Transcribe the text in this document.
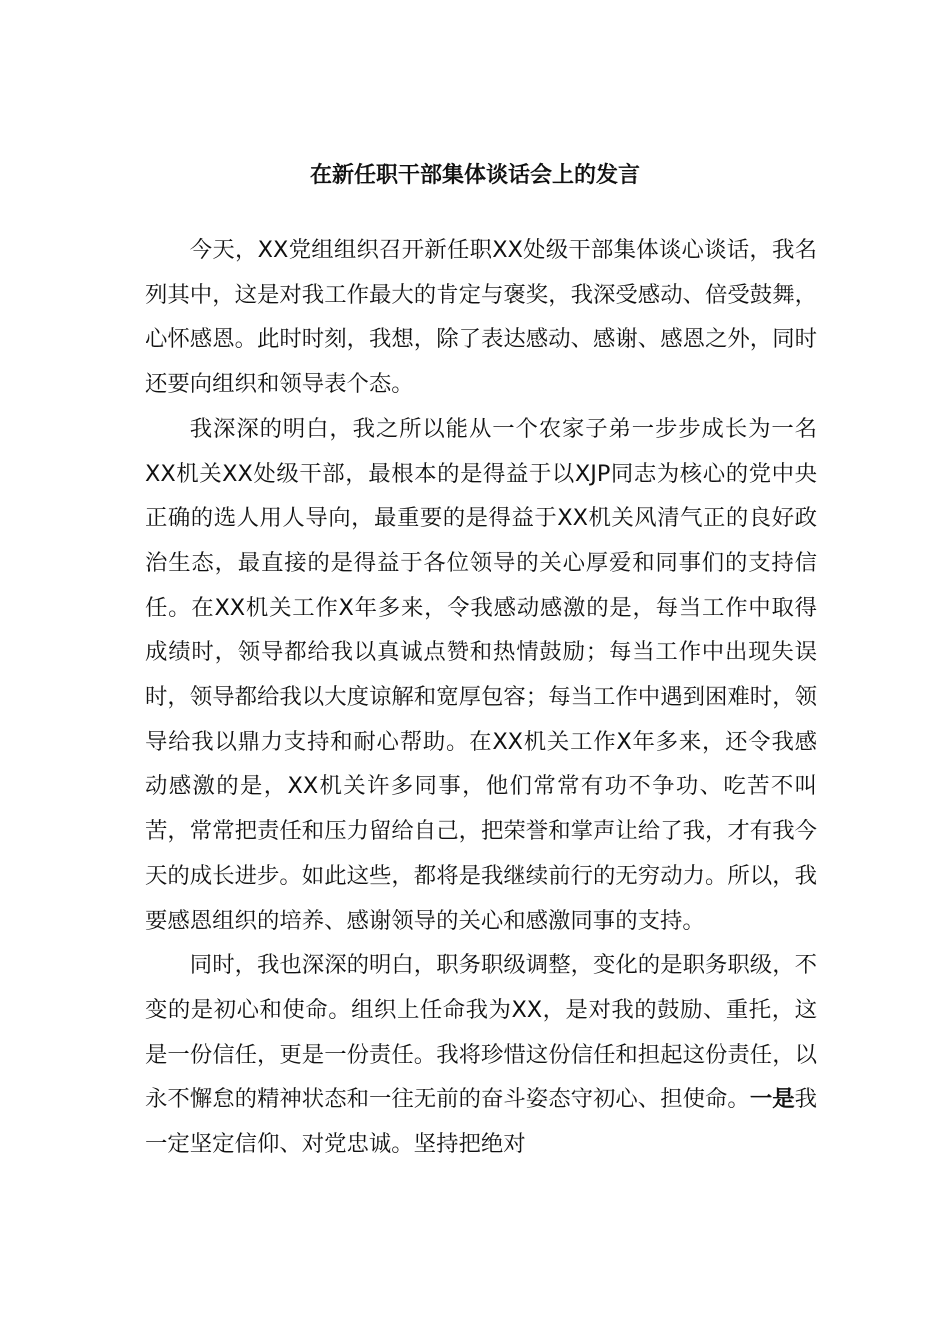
在新任职干部集体谈话会上的发言

今天，XX党组组织召开新任职XX处级干部集体谈心谈话，我名列其中，这是对我工作最大的肯定与褒奖，我深受感动、倍受鼓舞，心怀感恩。此时时刻，我想，除了表达感动、感谢、感恩之外，同时还要向组织和领导表个态。

我深深的明白，我之所以能从一个农家子弟一步步成长为一名XX机关XX处级干部，最根本的是得益于以XJP同志为核心的党中央正确的选人用人导向，最重要的是得益于XX机关风清气正的良好政治生态，最直接的是得益于各位领导的关心厚爱和同事们的支持信任。在XX机关工作X年多来，令我感动感激的是，每当工作中取得成绩时，领导都给我以真诚点赞和热情鼓励；每当工作中出现失误时，领导都给我以大度谅解和宽厚包容；每当工作中遇到困难时，领导给我以鼎力支持和耐心帮助。在XX机关工作X年多来，还令我感动感激的是，XX机关许多同事，他们常常有功不争功、吃苦不叫苦，常常把责任和压力留给自己，把荣誉和掌声让给了我，才有我今天的成长进步。如此这些，都将是我继续前行的无穷动力。所以，我要感恩组织的培养、感谢领导的关心和感激同事的支持。

同时，我也深深的明白，职务职级调整，变化的是职务职级，不变的是初心和使命。组织上任命我为XX，是对我的鼓励、重托，这是一份信任，更是一份责任。我将珍惜这份信任和担起这份责任，以永不懈怠的精神状态和一往无前的奋斗姿态守初心、担使命。一是我一定坚定信仰、对党忠诚。坚持把绝对
